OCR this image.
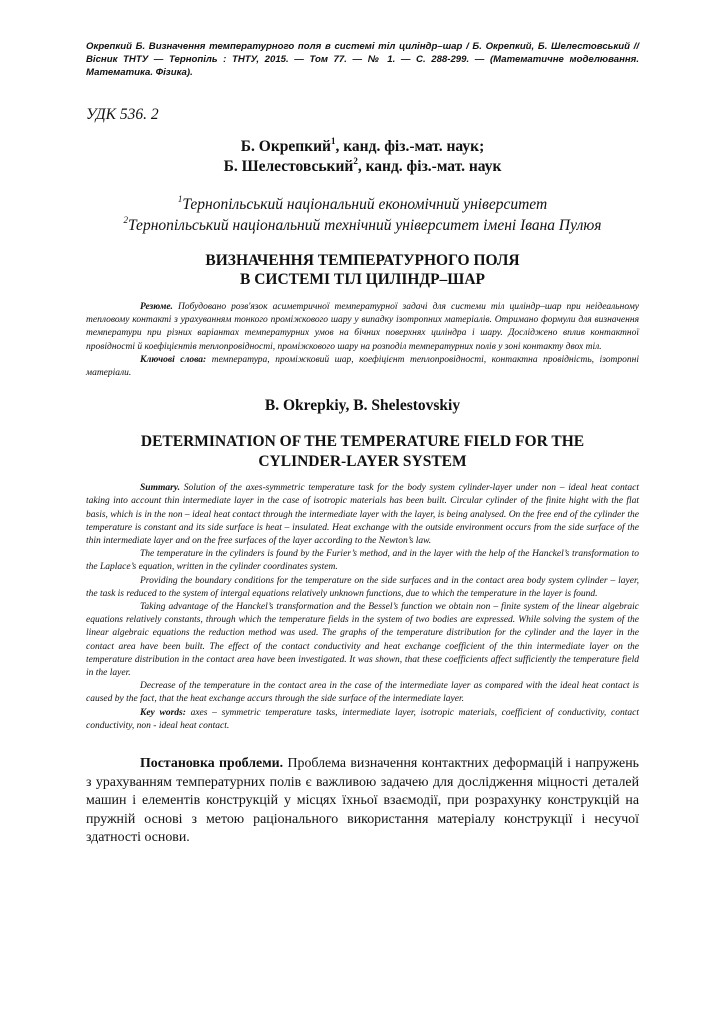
Окрепкий Б. Визначення температурного поля в системі тіл циліндр–шар / Б. Окрепкий, Б. Шелестовський // Вісник ТНТУ — Тернопіль : ТНТУ, 2015. — Том 77. — № 1. — С. 288-299. — (Математичне моделювання. Математика. Фізика).

УДК 536. 2

Б. Окрепкий$^1$, канд. фіз.-мат. наук;

Б. Шелестовський$^2$, канд. фіз.-мат. наук

$^1$Тернопільський національний економічний університет

$^2$Тернопільський національний технічний університет імені Івана Пулюя

ВИЗНАЧЕННЯ ТЕМПЕРАТУРНОГО ПОЛЯ

В СИСТЕМІ ТІЛ ЦИЛІНДР–ШАР

Резюме. Побудовано розв'язок асиметричної температурної задачі для системи тіл циліндр–шар при неідеальному тепловому контакті з урахуванням тонкого проміжкового шару у випадку ізотропних матеріалів. Отримано формули для визначення температури при різних варіантах температурних умов на бічних поверхнях циліндра і шару. Досліджено вплив контактної провідності й коефіцієнтів теплопровідності, проміжкового шару на розподіл температурних полів у зоні контакту двох тіл.

Ключові слова: температура, проміжковий шар, коефіцієнт теплопровідності, контактна провідність, ізотропні матеріали.

B. Okrepkiy, B. Shelestovskiy

DETERMINATION OF THE TEMPERATURE FIELD FOR THE

CYLINDER-LAYER SYSTEM

Summary. Solution of the axes-symmetric temperature task for the body system cylinder-layer under non – ideal heat contact taking into account thin intermediate layer in the case of isotropic materials has been built. Circular cylinder of the finite hight with the flat basis, which is in the non – ideal heat contact through the intermediate layer with the layer, is being analysed. On the free end of the cylinder the temperature is constant and its side surface is heat – insulated. Heat exchange with the outside environment occurs from the side surface of the thin intermediate layer and on the free surfaces of the layer according to the Newton’s law.

The temperature in the cylinders is found by the Furier’s method, and in the layer with the help of the Hanckel’s transformation to the Laplace’s equation, written in the cylinder coordinates system.

Providing the boundary conditions for the temperature on the side surfaces and in the contact area body system cylinder – layer, the task is reduced to the system of intergal equations relatively unknown functions, due to which the temperature in the layer is found.

Taking advantage of the Hanckel’s transformation and the Bessel’s function we obtain non – finite system of the linear algebraic equations relatively constants, through which the temperature fields in the system of two bodies are expressed. While solving the system of the linear algebraic equations the reduction method was used. The graphs of the temperature distribution for the cylinder and the layer in the contact area have been built. The effect of the contact conductivity and heat exchange coefficient of the thin intermediate layer on the temperature distribution in the contact area have been investigated. It was shown, that these coefficients affect sufficiently the temperature field in the layer.

Decrease of the temperature in the contact area in the case of the intermediate layer as compared with the ideal heat contact is caused by the fact, that the heat exchange accurs through the side surface of the intermediate layer.

Key words: axes – symmetric temperature tasks, intermediate layer, isotropic materials, coefficient of conductivity, contact conductivity, non - ideal heat contact.

Постановка проблеми. Проблема визначення контактних деформацій і напружень з урахуванням температурних полів є важливою задачею для дослідження міцності деталей машин і елементів конструкцій у місцях їхньої взаємодії, при розрахунку конструкцій на пружній основі з метою раціонального використання матеріалу конструкції і несучої здатності основи.
